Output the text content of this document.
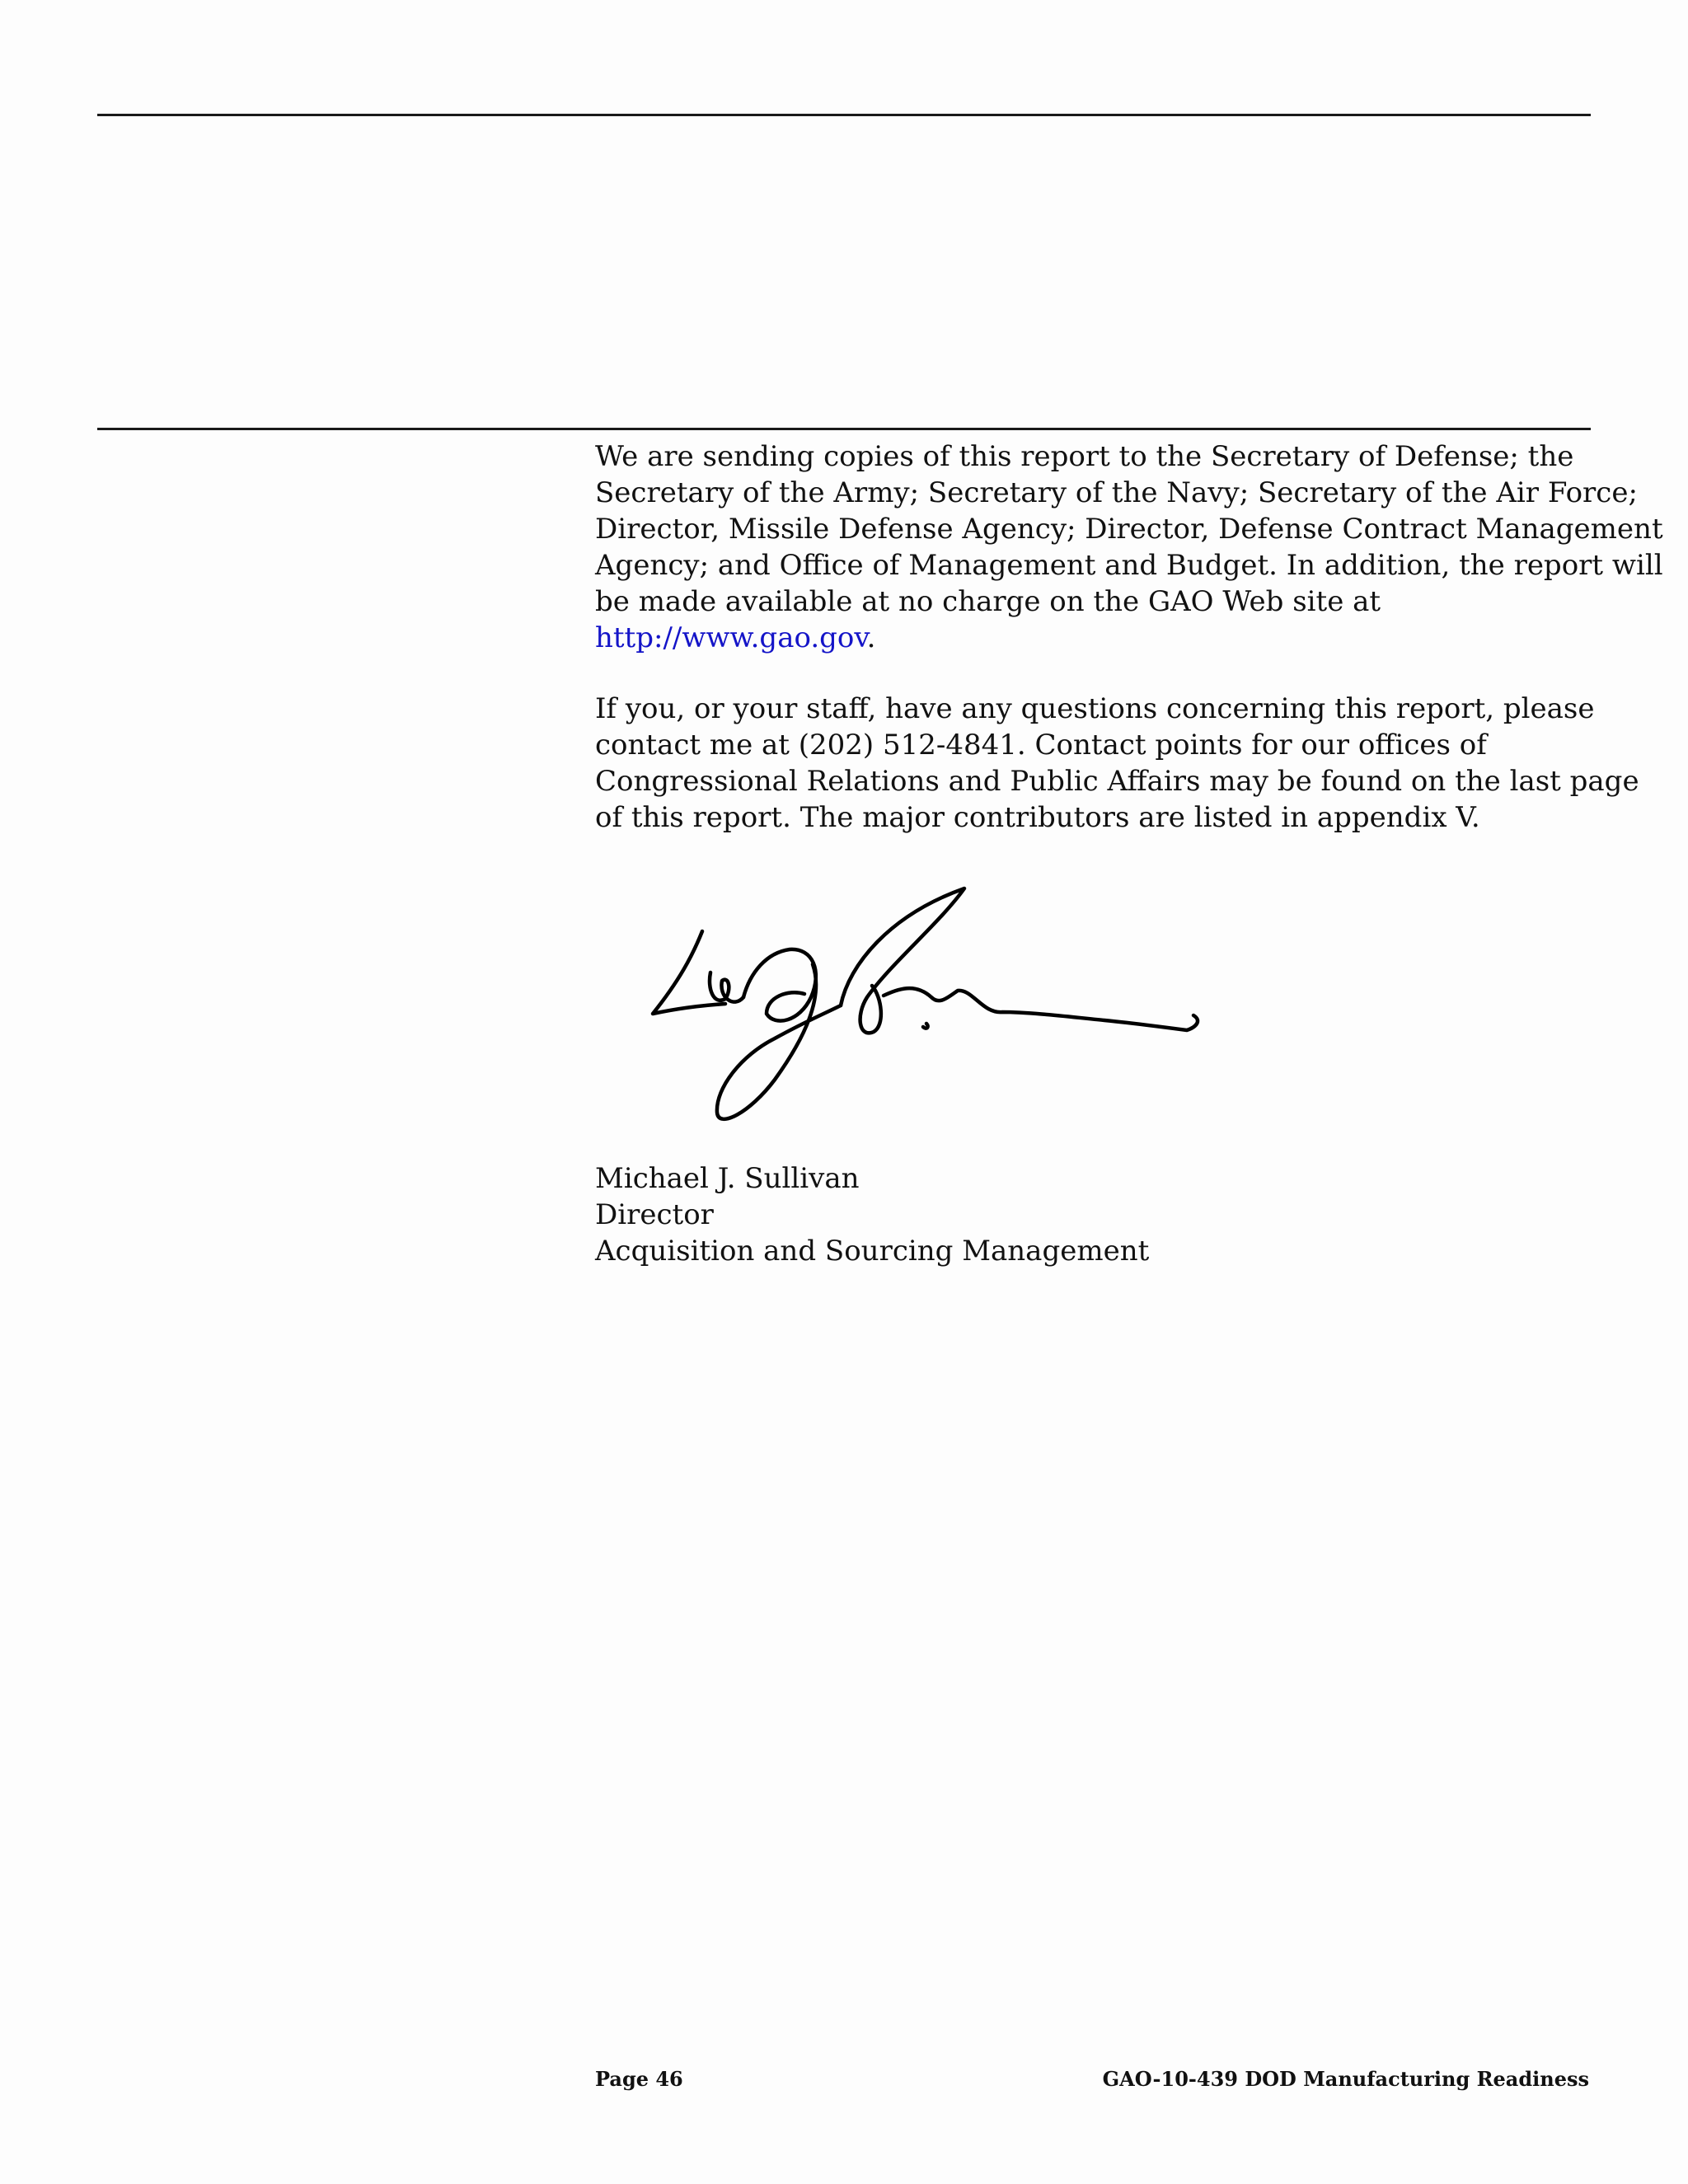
We are sending copies of this report to the Secretary of Defense; the
Secretary of the Army; Secretary of the Navy; Secretary of the Air Force;
Director, Missile Defense Agency; Director, Defense Contract Management
Agency; and Office of Management and Budget. In addition, the report will
be made available at no charge on the GAO Web site at
http://www.gao.gov.

If you, or your staff, have any questions concerning this report, please
contact me at (202) 512-4841. Contact points for our offices of
Congressional Relations and Public Affairs may be found on the last page
of this report. The major contributors are listed in appendix V.

Michael J. Sullivan
Director
Acquisition and Sourcing Management
Page 46	GAO-10-439 DOD Manufacturing Readiness
